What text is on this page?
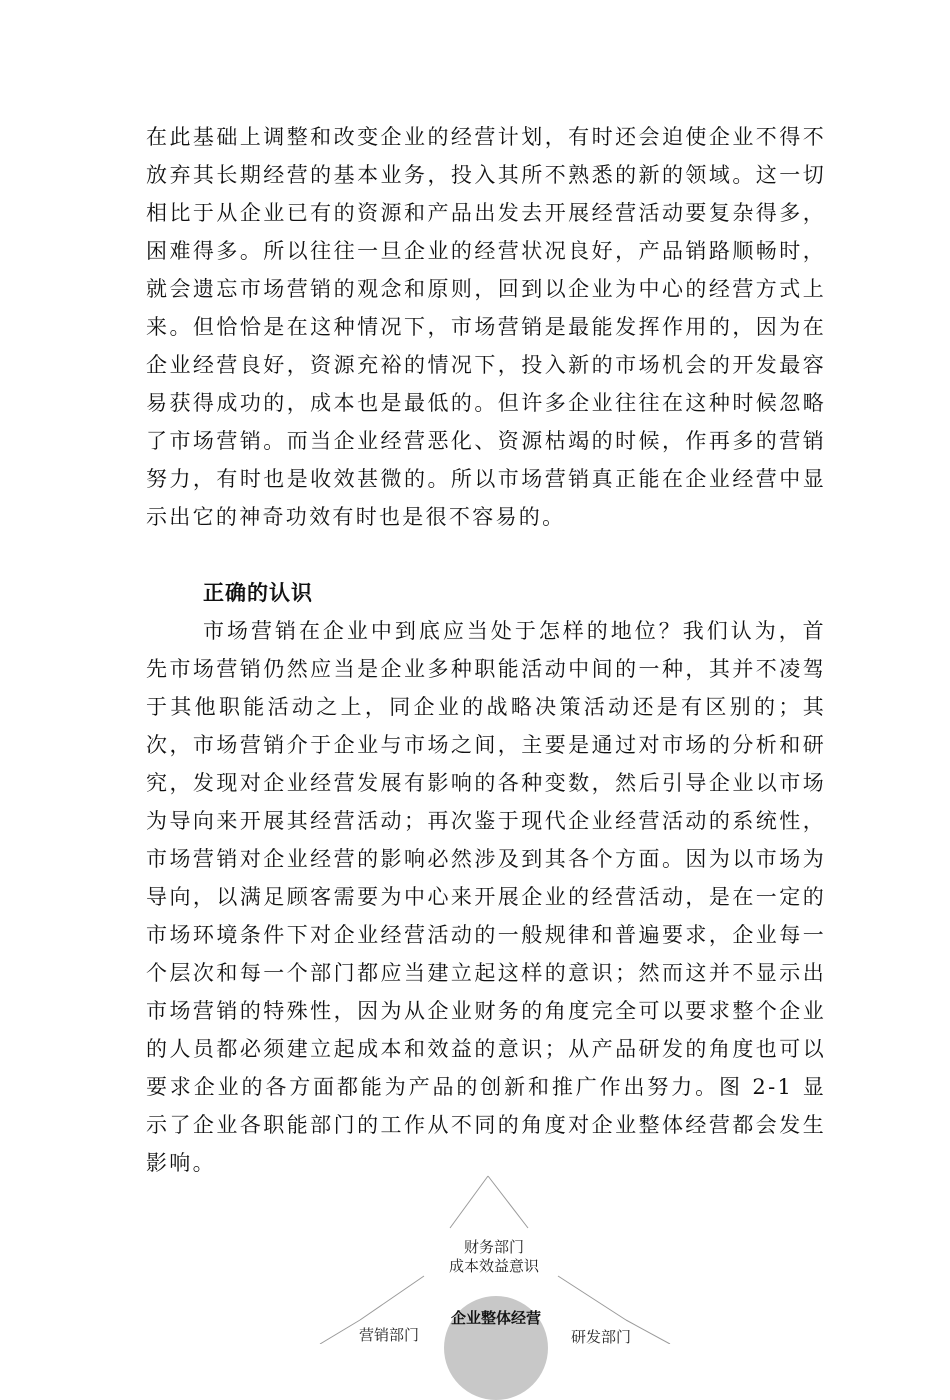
在此基础上调整和改变企业的经营计划，有时还会迫使企业不得不放弃其长期经营的基本业务，投入其所不熟悉的新的领域。这一切相比于从企业已有的资源和产品出发去开展经营活动要复杂得多，困难得多。所以往往一旦企业的经营状况良好，产品销路顺畅时，就会遗忘市场营销的观念和原则，回到以企业为中心的经营方式上来。但恰恰是在这种情况下，市场营销是最能发挥作用的，因为在企业经营良好，资源充裕的情况下，投入新的市场机会的开发最容易获得成功的，成本也是最低的。但许多企业往往在这种时候忽略了市场营销。而当企业经营恶化、资源枯竭的时候，作再多的营销努力，有时也是收效甚微的。所以市场营销真正能在企业经营中显示出它的神奇功效有时也是很不容易的。

正确的认识

市场营销在企业中到底应当处于怎样的地位？我们认为，首先市场营销仍然应当是企业多种职能活动中间的一种，其并不凌驾于其他职能活动之上，同企业的战略决策活动还是有区别的；其次，市场营销介于企业与市场之间，主要是通过对市场的分析和研究，发现对企业经营发展有影响的各种变数，然后引导企业以市场为导向来开展其经营活动；再次鉴于现代企业经营活动的系统性，市场营销对企业经营的影响必然涉及到其各个方面。因为以市场为导向，以满足顾客需要为中心来开展企业的经营活动，是在一定的市场环境条件下对企业经营活动的一般规律和普遍要求，企业每一个层次和每一个部门都应当建立起这样的意识；然而这并不显示出市场营销的特殊性，因为从企业财务的角度完全可以要求整个企业的人员都必须建立起成本和效益的意识；从产品研发的角度也可以要求企业的各方面都能为产品的创新和推广作出努力。图 2-1 显示了企业各职能部门的工作从不同的角度对企业整体经营都会发生影响。

财务部门
成本效益意识
企业整体经营
营销部门	研发部门
